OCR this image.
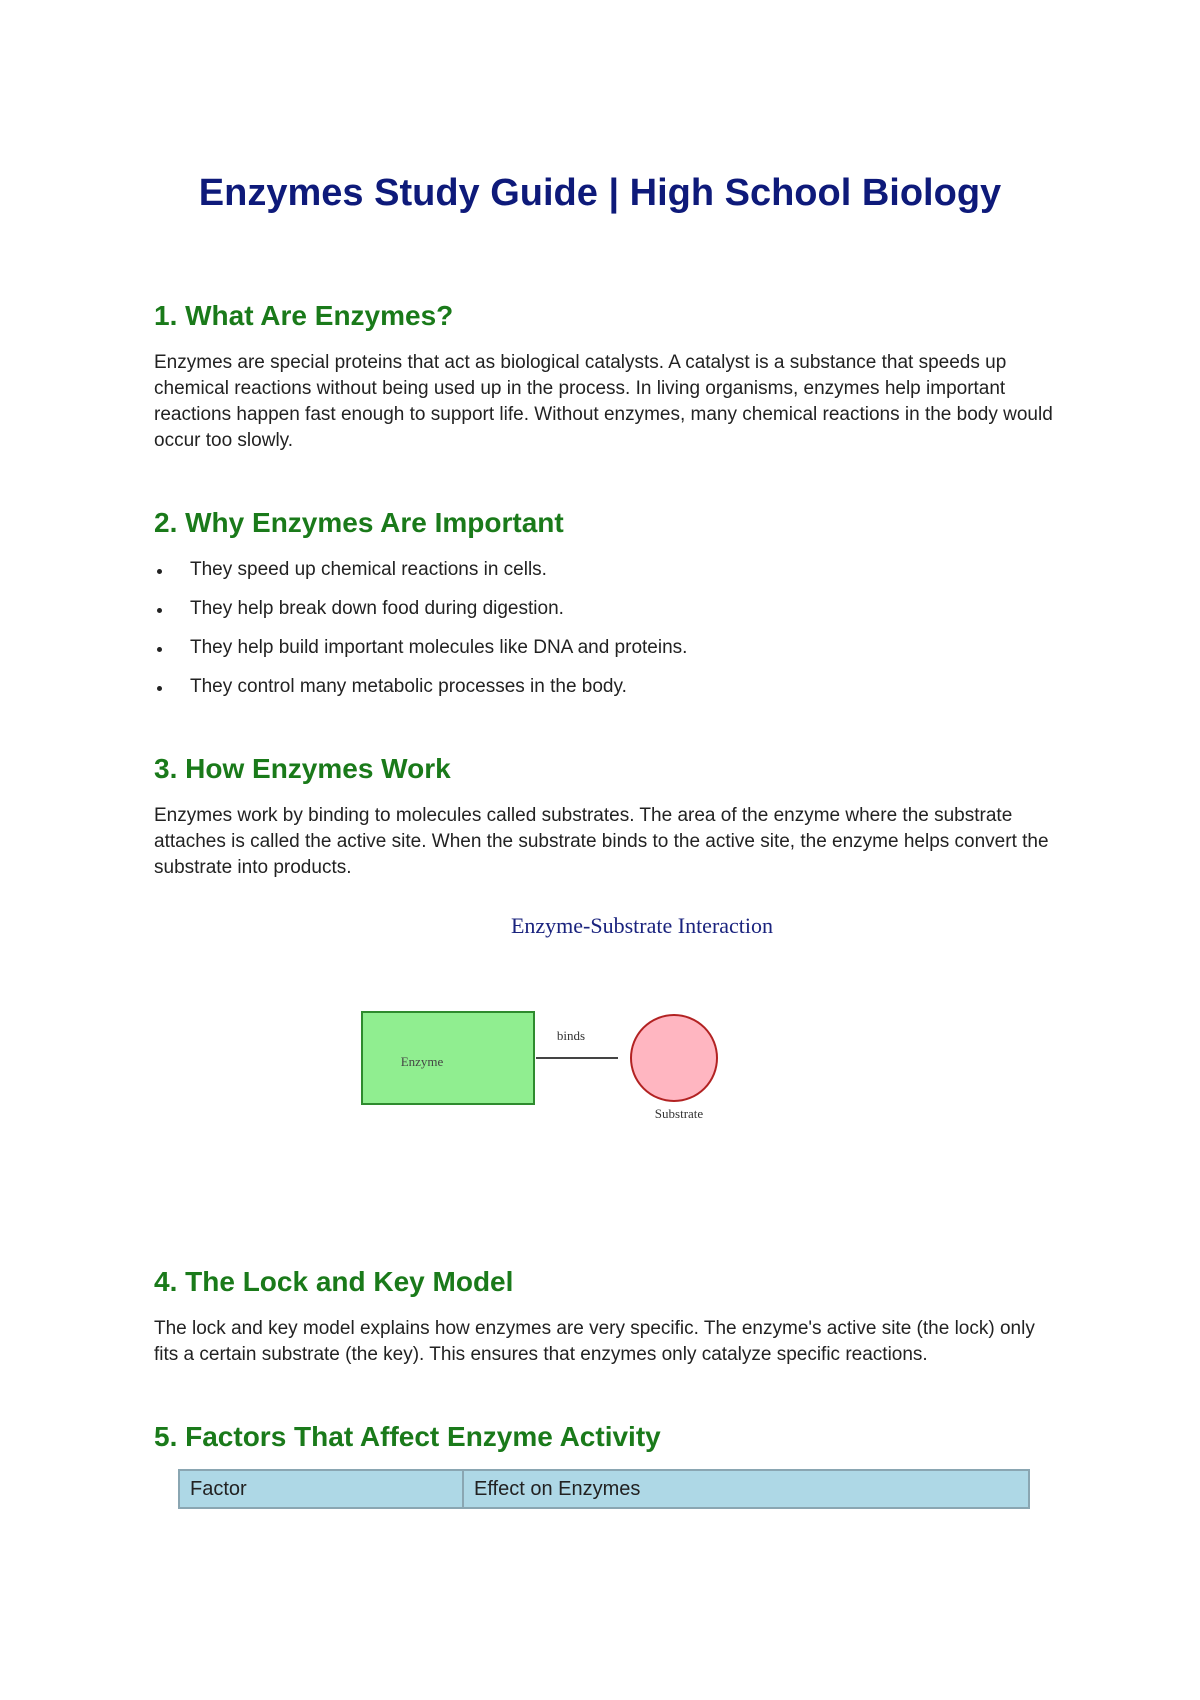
Enzymes Study Guide | High School Biology
1. What Are Enzymes?

Enzymes are special proteins that act as biological catalysts. A catalyst is a substance that speeds up chemical reactions without being used up in the process. In living organisms, enzymes help important reactions happen fast enough to support life. Without enzymes, many chemical reactions in the body would occur too slowly.

2. Why Enzymes Are Important
They speed up chemical reactions in cells.
They help break down food during digestion.
They help build important molecules like DNA and proteins.
They control many metabolic processes in the body.
3. How Enzymes Work

Enzymes work by binding to molecules called substrates. The area of the enzyme where the substrate attaches is called the active site. When the substrate binds to the active site, the enzyme helps convert the substrate into products.

Enzyme-Substrate Interaction
Enzyme
binds
Substrate
4. The Lock and Key Model

The lock and key model explains how enzymes are very specific. The enzyme's active site (the lock) only fits a certain substrate (the key). This ensures that enzymes only catalyze specific reactions.

5. Factors That Affect Enzyme Activity
Factor	Effect on Enzymes
